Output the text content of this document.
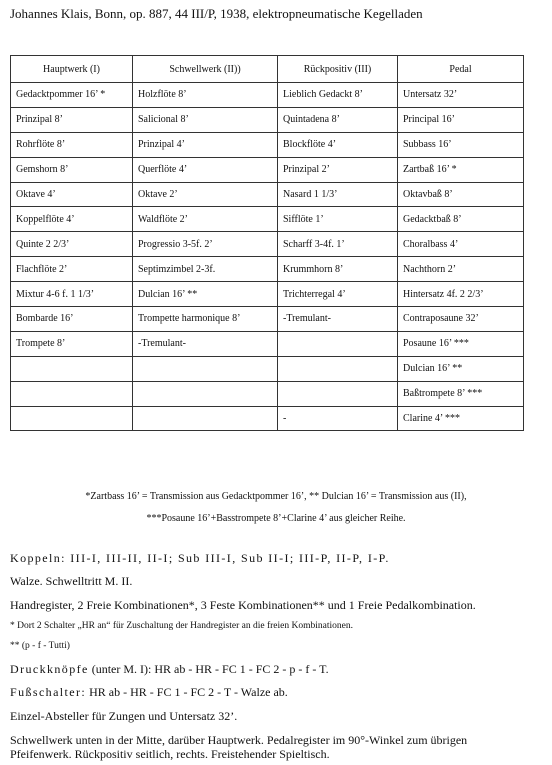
Johannes Klais, Bonn, op. 887, 44 III/P, 1938, elektropneumatische Kegelladen
Hauptwerk (I)	Schwellwerk (II))	Rückpositiv (III)	Pedal
Gedacktpommer 16’ *	Holzflöte 8’	Lieblich Gedackt 8’	Untersatz 32’
Prinzipal 8’	Salicional 8’	Quintadena 8’	Principal 16’
Rohrflöte 8’	Prinzipal 4’	Blockflöte 4’	Subbass 16’
Gemshorn 8’	Querflöte 4’	Prinzipal 2’	Zartbaß 16’ *
Oktave 4’	Oktave 2’	Nasard 1 1/3’	Oktavbaß 8’
Koppelflöte 4’	Waldflöte 2’	Sifflöte 1’	Gedacktbaß 8’
Quinte 2 2/3’	Progressio 3-5f. 2’	Scharff 3-4f. 1’	Choralbass 4’
Flachflöte 2’	Septimzimbel 2-3f.	Krummhorn 8’	Nachthorn 2’
Mixtur 4-6 f. 1 1/3’	Dulcian 16’ **	Trichterregal 4’	Hintersatz 4f. 2 2/3’
Bombarde 16’	Trompette harmonique 8’	-Tremulant-	Contraposaune 32’
Trompete 8’	-Tremulant-		Posaune 16’ ***
			Dulcian 16’ **
			Baßtrompete 8’ ***
		-	Clarine 4’ ***
*Zartbass 16’ = Transmission aus Gedacktpommer 16’, ** Dulcian 16’ = Transmission aus (II),
***Posaune 16’+Basstrompete 8’+Clarine 4’ aus gleicher Reihe.
Koppeln: III-I, III-II, II-I; Sub III-I, Sub II-I; III-P, II-P, I-P.
Walze. Schwelltritt M. II.
Handregister, 2 Freie Kombinationen*, 3 Feste Kombinationen** und 1 Freie Pedalkombination.
* Dort 2 Schalter „HR an“ für Zuschaltung der Handregister an die freien Kombinationen.
** (p - f - Tutti)
Druckknöpfe (unter M. I): HR ab - HR - FC 1 - FC 2 - p - f - T.
Fußschalter: HR ab - HR - FC 1 - FC 2 - T - Walze ab.
Einzel-Absteller für Zungen und Untersatz 32’.
Schwellwerk unten in der Mitte, darüber Hauptwerk. Pedalregister im 90°-Winkel zum übrigen
Pfeifenwerk. Rückpositiv seitlich, rechts. Freistehender Spieltisch.
